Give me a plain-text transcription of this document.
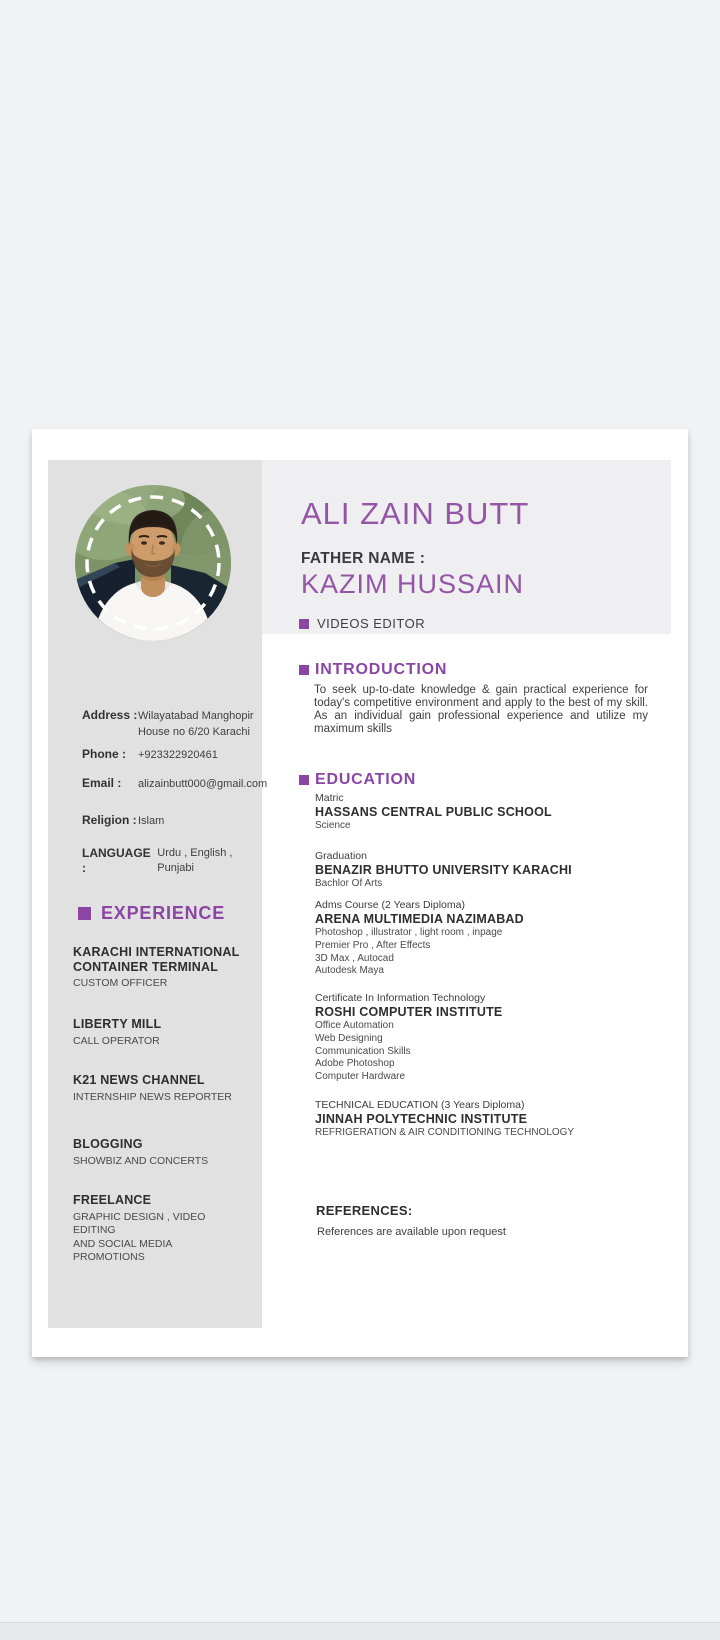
Address : Wilayatabad Manghopir
House no 6/20 Karachi
Phone :	+923322920461
Email :	alizainbutt000@gmail.com
Religion : Islam
LANGUAGE :
Urdu , English , Punjabi
EXPERIENCE
KARACHI INTERNATIONAL
CONTAINER TERMINAL
CUSTOM OFFICER
LIBERTY MILL
CALL OPERATOR
K21 NEWS CHANNEL
INTERNSHIP NEWS REPORTER
BLOGGING
SHOWBIZ AND CONCERTS
FREELANCE
GRAPHIC DESIGN , VIDEO EDITING
AND SOCIAL MEDIA PROMOTIONS
ALI ZAIN BUTT
FATHER NAME :
KAZIM HUSSAIN
VIDEOS EDITOR
INTRODUCTION
To seek up-to-date knowledge & gain practical experience for today's competitive environment and apply to the best of my skill. As an individual gain professional experience and utilize my maximum skills
EDUCATION
Matric
HASSANS CENTRAL PUBLIC SCHOOL
Science
Graduation
BENAZIR BHUTTO UNIVERSITY KARACHI
Bachlor Of Arts
Adms Course (2 Years Diploma)
ARENA MULTIMEDIA NAZIMABAD
Photoshop , illustrator , light room , inpage
Premier Pro , After Effects
3D Max , Autocad
Autodesk Maya
Certificate In Information Technology
ROSHI COMPUTER INSTITUTE
Office Automation
Web Designing
Communication Skills
Adobe Photoshop
Computer Hardware
TECHNICAL EDUCATION (3 Years Diploma)
JINNAH POLYTECHNIC INSTITUTE
REFRIGERATION & AIR CONDITIONING TECHNOLOGY
REFERENCES:
References are available upon request
